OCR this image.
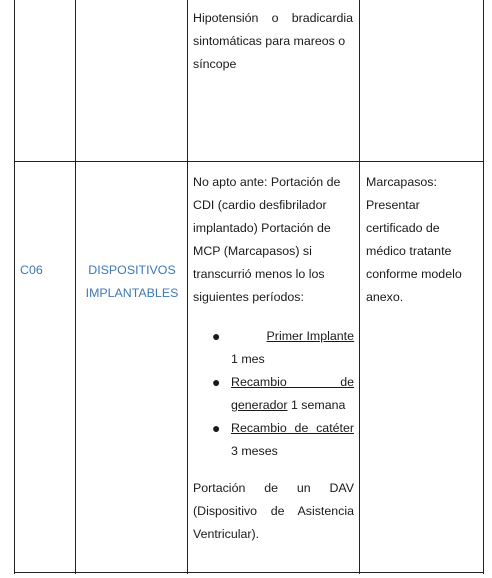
Hipotensión o bradicardia
sintomáticas para mareos o
síncope
C06	DISPOSITIVOS IMPLANTABLES

No apto ante: Portación de CDI (cardio desfibrilador implantado) Portación de MCP (Marcapasos) si transcurrió menos lo los siguientes períodos:

●	Primer Implante
1 mes
● Recambio de generador 1 semana
● Recambio de catéter 3 meses

Portación de un DAV (Dispositivo de Asistencia Ventricular).

Marcapasos: Presentar certificado de médico tratante conforme modelo anexo.
